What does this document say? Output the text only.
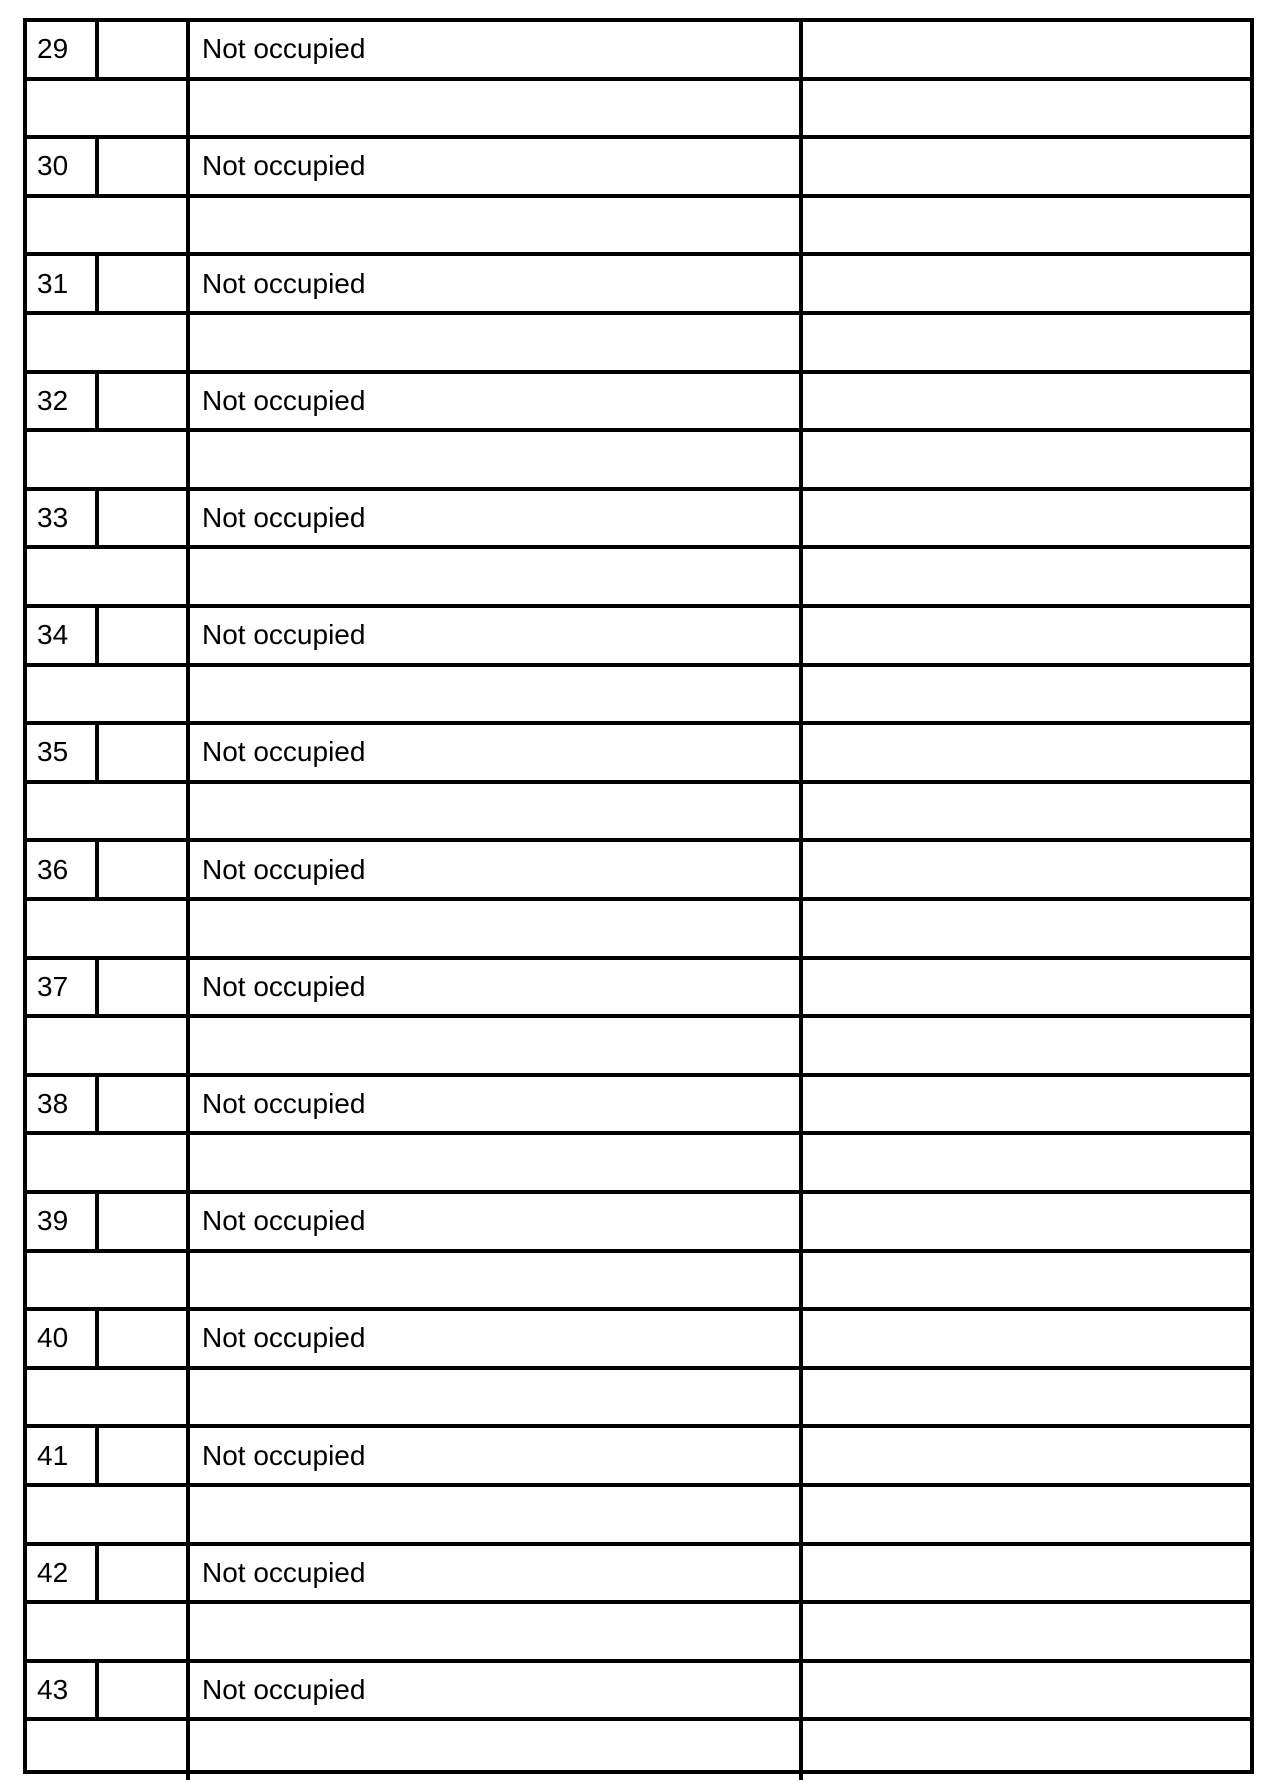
29	Not occupied
30	Not occupied
31	Not occupied
32	Not occupied
33	Not occupied
34	Not occupied
35	Not occupied
36	Not occupied
37	Not occupied
38	Not occupied
39	Not occupied
40	Not occupied
41	Not occupied
42	Not occupied
43	Not occupied
